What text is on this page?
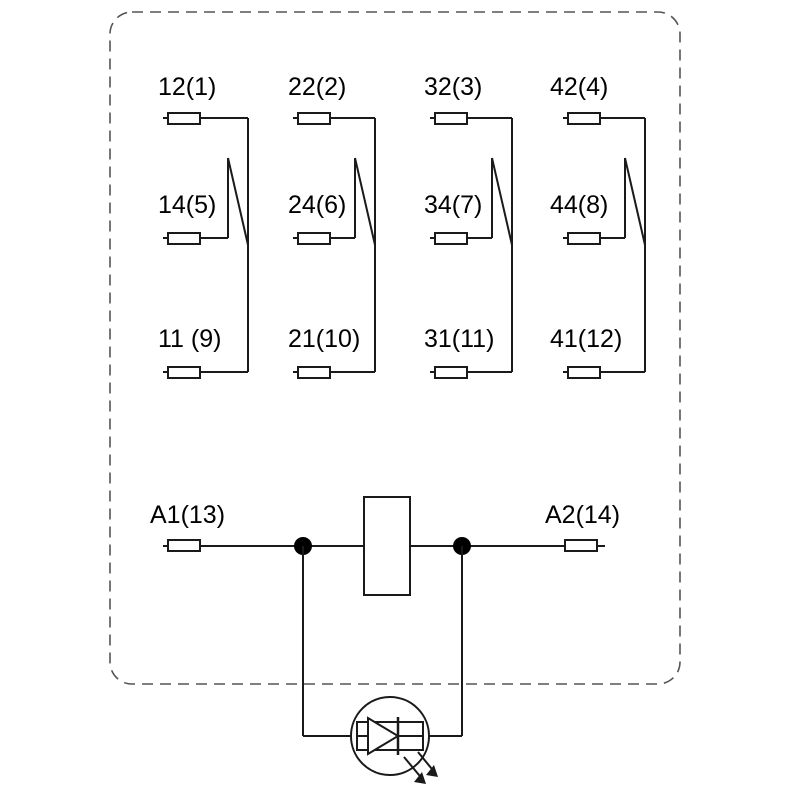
12(1)
14(5)
11 (9)
22(2)
24(6)
21(10)
32(3)
34(7)
31(11)
42(4)
44(8)
41(12)
A1(13)	A2(14)
